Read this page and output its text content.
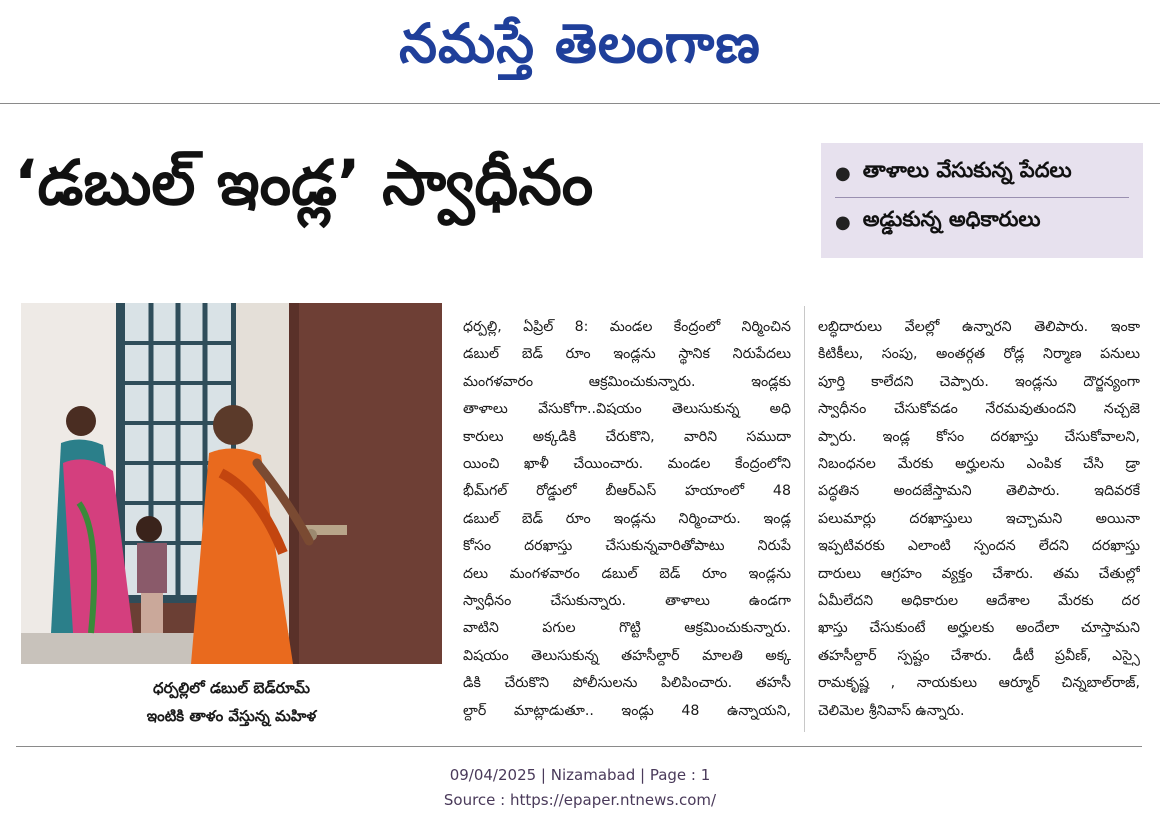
నమస్తే తెలంగాణ
‘డబుల్ ఇండ్ల’ స్వాధీనం	● తాళాలు వేసుకున్న పేదలు
● అడ్డుకున్న అధికారులు
ధర్పల్లిలో డబుల్ బెడ్‌రూమ్
ఇంటికి తాళం వేస్తున్న మహిళ
ధర్పల్లి, ఏప్రిల్ 8: మండల కేంద్రంలో నిర్మించిన
డబుల్ బెడ్ రూం ఇండ్లను స్థానిక నిరుపేదలు
మంగళవారం ఆక్రమించుకున్నారు. ఇండ్లకు
తాళాలు వేసుకోగా..విషయం తెలుసుకున్న అధి
కారులు అక్కడికి చేరుకొని, వారిని సముదా
యించి ఖాళీ చేయించారు. మండల కేంద్రంలోని
భీమ్‌గల్ రోడ్డులో బీఆర్‌ఎస్ హయాంలో 48
డబుల్ బెడ్ రూం ఇండ్లను నిర్మించారు. ఇండ్ల
కోసం దరఖాస్తు చేసుకున్నవారితోపాటు నిరుపే
దలు మంగళవారం డబుల్ బెడ్ రూం ఇండ్లను
స్వాధీనం చేసుకున్నారు. తాళాలు ఉండగా
వాటిని పగుల గొట్టి ఆక్రమించుకున్నారు.
విషయం తెలుసుకున్న తహసీల్దార్ మాలతి అక్క
డికి చేరుకొని పోలీసులను పిలిపించారు. తహసీ
ల్దార్ మాట్లాడుతూ.. ఇండ్లు 48 ఉన్నాయని,
లబ్ధిదారులు వేలల్లో ఉన్నారని తెలిపారు. ఇంకా
కిటికీలు, సంపు, అంతర్గత రోడ్ల నిర్మాణ పనులు
పూర్తి కాలేదని చెప్పారు. ఇండ్లను దౌర్జన్యంగా
స్వాధీనం చేసుకోవడం నేరమవుతుందని నచ్చజె
ప్పారు. ఇండ్ల కోసం దరఖాస్తు చేసుకోవాలని,
నిబంధనల మేరకు అర్హులను ఎంపిక చేసి డ్రా
పద్ధతిన అందజేస్తామని తెలిపారు. ఇదివరకే
పలుమార్లు దరఖాస్తులు ఇచ్చామని అయినా
ఇప్పటివరకు ఎలాంటి స్పందన లేదని దరఖాస్తు
దారులు ఆగ్రహం వ్యక్తం చేశారు. తమ చేతుల్లో
ఏమీలేదని అధికారుల ఆదేశాల మేరకు దర
ఖాస్తు చేసుకుంటే అర్హులకు అందేలా చూస్తామని
తహసీల్దార్ స్పష్టం చేశారు. డీటీ ప్రవీణ్, ఎస్సై
రామకృష్ణ , నాయకులు ఆర్మూర్ చిన్నబాల్‌రాజ్,
చెలిమెల శ్రీనివాస్ ఉన్నారు.
09/04/2025 | Nizamabad | Page : 1
Source : https://epaper.ntnews.com/
